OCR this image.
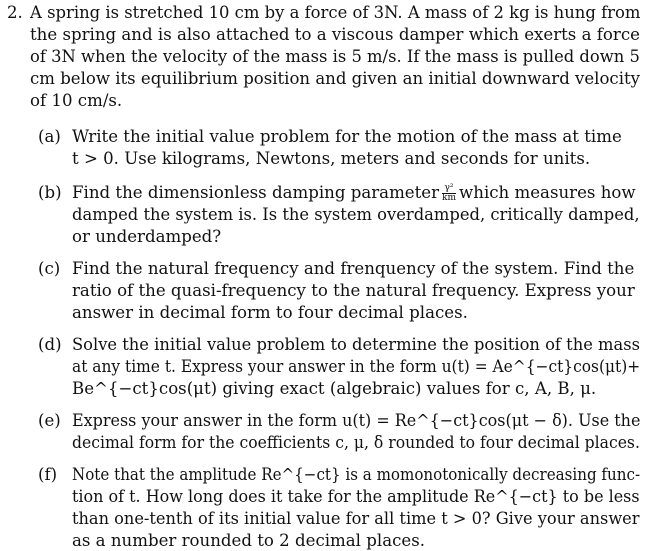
2. A spring is stretched 10 cm by a force of 3N. A mass of 2 kg is hung from
the spring and is also attached to a viscous damper which exerts a force
of 3N when the velocity of the mass is 5 m/s. If the mass is pulled down 5
cm below its equilibrium position and given an initial downward velocity
of 10 cm/s.
(a) Write the initial value problem for the motion of the mass at time
t > 0. Use kilograms, Newtons, meters and seconds for units.
(b) Find the dimensionless damping parameter $\frac{\text{γ²}}{km}$ which measures how
damped the system is. Is the system overdamped, critically damped,
or underdamped?
(c) Find the natural frequency and frenquency of the system. Find the
ratio of the quasi-frequency to the natural frequency. Express your
answer in decimal form to four decimal places.
(d) Solve the initial value problem to determine the position of the mass
at any time t. Express your answer in the form u(t) = Ae^{−ct}cos(μt)+
Be^{−ct}cos(μt) giving exact (algebraic) values for c, A, B, μ.
(e) Express your answer in the form u(t) = Re^{−ct}cos(μt − δ). Use the
decimal form for the coefficients c, μ, δ rounded to four decimal places.
(f) Note that the amplitude Re^{−ct} is a momonotonically decreasing func-
tion of t. How long does it take for the amplitude Re^{−ct} to be less
than one-tenth of its initial value for all time t > 0? Give your answer
as a number rounded to 2 decimal places.
